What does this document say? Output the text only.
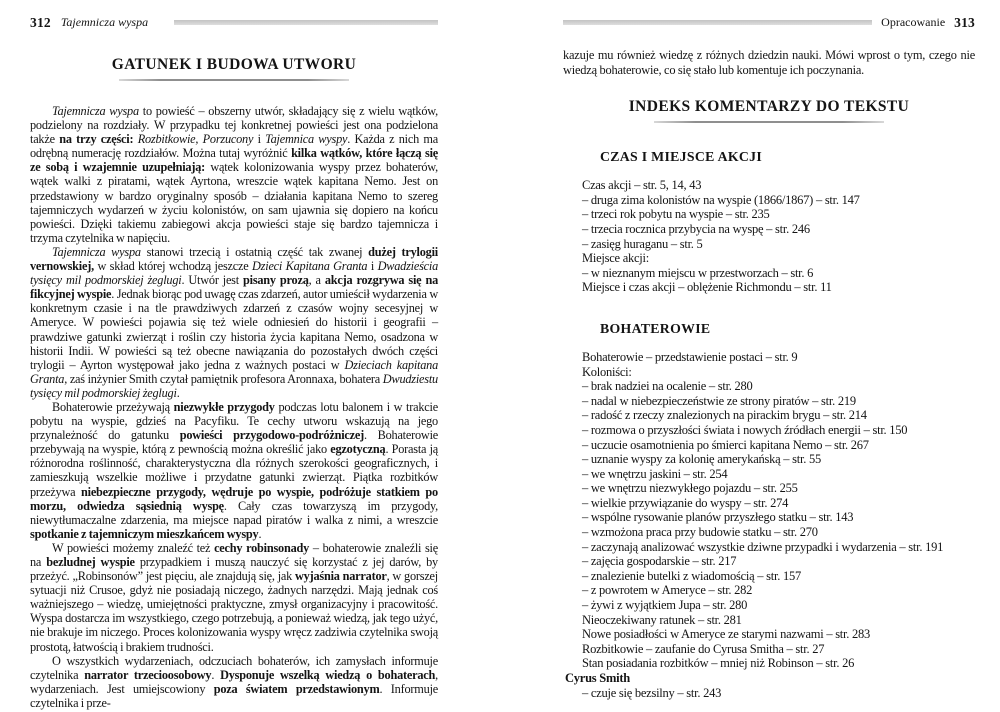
312 Tajemnicza wyspa
GATUNEK I BUDOWA UTWORU

Tajemnicza wyspa to powieść – obszerny utwór, składający się z wielu wątków, podzielony na rozdziały. W przypadku tej konkretnej powieści jest ona podzielona także na trzy części: Rozbitkowie, Porzucony i Tajemnica wyspy. Każda z nich ma odrębną numerację rozdziałów. Można tutaj wyróżnić kilka wątków, które łączą się ze sobą i wzajemnie uzupełniają: wątek kolonizowania wyspy przez bohaterów, wątek walki z piratami, wątek Ayrtona, wreszcie wątek kapitana Nemo. Jest on przedstawiony w bardzo oryginalny sposób – działania kapitana Nemo to szereg tajemniczych wydarzeń w życiu kolonistów, on sam ujawnia się dopiero na końcu powieści. Dzięki takiemu zabiegowi akcja powieści staje się bardzo tajemnicza i trzyma czytelnika w napięciu.

Tajemnicza wyspa stanowi trzecią i ostatnią część tak zwanej dużej trylogii vernowskiej, w skład której wchodzą jeszcze Dzieci Kapitana Granta i Dwadzieścia tysięcy mil podmorskiej żeglugi. Utwór jest pisany prozą, a akcja rozgrywa się na fikcyjnej wyspie. Jednak biorąc pod uwagę czas zdarzeń, autor umieścił wydarzenia w konkretnym czasie i na tle prawdziwych zdarzeń z czasów wojny secesyjnej w Ameryce. W powieści pojawia się też wiele odniesień do historii i geografii – prawdziwe gatunki zwierząt i roślin czy historia życia kapitana Nemo, osadzona w historii Indii. W powieści są też obecne nawiązania do pozostałych dwóch części trylogii – Ayrton występował jako jedna z ważnych postaci w Dzieciach kapitana Granta, zaś inżynier Smith czytał pamiętnik profesora Aronnaxa, bohatera Dwudziestu tysięcy mil podmorskiej żeglugi.

Bohaterowie przeżywają niezwykłe przygody podczas lotu balonem i w trakcie pobytu na wyspie, gdzieś na Pacyfiku. Te cechy utworu wskazują na jego przynależność do gatunku powieści przygodowo-podróżniczej. Bohaterowie przebywają na wyspie, którą z pewnością można określić jako egzotyczną. Porasta ją różnorodna roślinność, charakterystyczna dla różnych szerokości geograficznych, i zamieszkują wszelkie możliwe i przydatne gatunki zwierząt. Piątka rozbitków przeżywa niebezpieczne przygody, wędruje po wyspie, podróżuje statkiem po morzu, odwiedza sąsiednią wyspę. Cały czas towarzyszą im przygody, niewytłumaczalne zdarzenia, ma miejsce napad piratów i walka z nimi, a wreszcie spotkanie z tajemniczym mieszkańcem wyspy.

W powieści możemy znaleźć też cechy robinsonady – bohaterowie znaleźli się na bezludnej wyspie przypadkiem i muszą nauczyć się korzystać z jej darów, by przeżyć. „Robinsonów” jest pięciu, ale znajdują się, jak wyjaśnia narrator, w gorszej sytuacji niż Crusoe, gdyż nie posiadają niczego, żadnych narzędzi. Mają jednak coś ważniejszego – wiedzę, umiejętności praktyczne, zmysł organizacyjny i pracowitość. Wyspa dostarcza im wszystkiego, czego potrzebują, a ponieważ wiedzą, jak tego użyć, nie brakuje im niczego. Proces kolonizowania wyspy wręcz zadziwia czytelnika swoją prostotą, łatwością i brakiem trudności.

O wszystkich wydarzeniach, odczuciach bohaterów, ich zamysłach informuje czytelnika narrator trzecioosobowy. Dysponuje wszelką wiedzą o bohaterach, wydarzeniach. Jest umiejscowiony poza światem przedstawionym. Informuje czytelnika i prze-

Opracowanie 313

kazuje mu również wiedzę z różnych dziedzin nauki. Mówi wprost o tym, czego nie wiedzą bohaterowie, co się stało lub komentuje ich poczynania.

INDEKS KOMENTARZY DO TEKSTU
CZAS I MIEJSCE AKCJI
Czas akcji – str. 5, 14, 43
– druga zima kolonistów na wyspie (1866/1867) – str. 147
– trzeci rok pobytu na wyspie – str. 235
– trzecia rocznica przybycia na wyspę – str. 246
– zasięg huraganu – str. 5
Miejsce akcji:
– w nieznanym miejscu w przestworzach – str. 6
Miejsce i czas akcji – oblężenie Richmondu – str. 11
BOHATEROWIE
Bohaterowie – przedstawienie postaci – str. 9
Koloniści:
– brak nadziei na ocalenie – str. 280
– nadal w niebezpieczeństwie ze strony piratów – str. 219
– radość z rzeczy znalezionych na pirackim brygu – str. 214
– rozmowa o przyszłości świata i nowych źródłach energii – str. 150
– uczucie osamotnienia po śmierci kapitana Nemo – str. 267
– uznanie wyspy za kolonię amerykańską – str. 55
– we wnętrzu jaskini – str. 254
– we wnętrzu niezwykłego pojazdu – str. 255
– wielkie przywiązanie do wyspy – str. 274
– wspólne rysowanie planów przyszłego statku – str. 143
– wzmożona praca przy budowie statku – str. 270
– zaczynają analizować wszystkie dziwne przypadki i wydarzenia – str. 191
– zajęcia gospodarskie – str. 217
– znalezienie butelki z wiadomością – str. 157
– z powrotem w Ameryce – str. 282
– żywi z wyjątkiem Jupa – str. 280
Nieoczekiwany ratunek – str. 281
Nowe posiadłości w Ameryce ze starymi nazwami – str. 283
Rozbitkowie – zaufanie do Cyrusa Smitha – str. 27
Stan posiadania rozbitków – mniej niż Robinson – str. 26
Cyrus Smith
– czuje się bezsilny – str. 243
